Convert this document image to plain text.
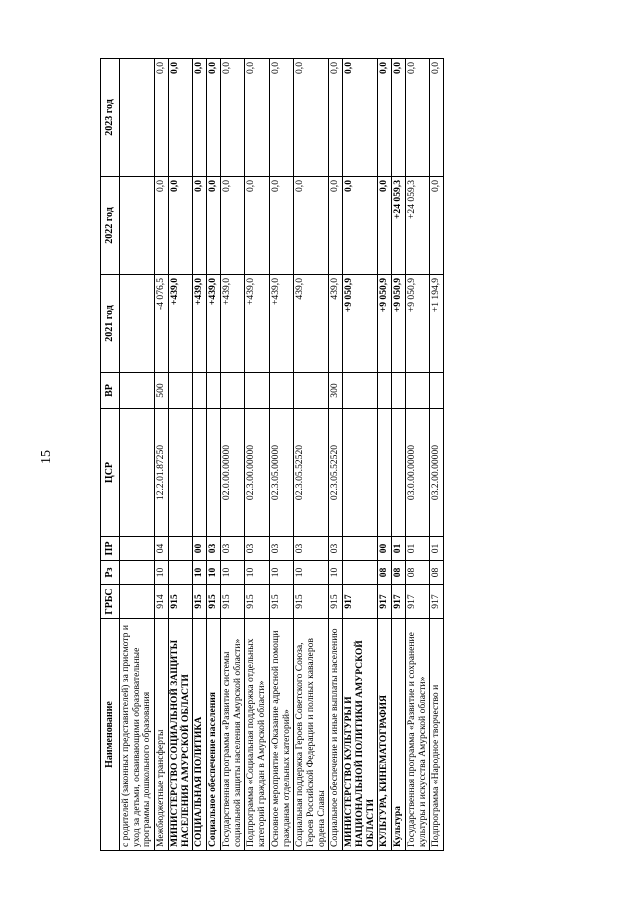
15
Наименование	ГРБС	Рз	ПР	ЦСР	ВР	2021 год	2022 год	2023 год
с родителей (законных представителей) за присмотр и уход за детьми, осваивающими образовательные программы дошкольного образования								
Межбюджетные трансферты	914	10	04	12.2.01.87250	500	-4 076,5	0,0	0,0
МИНИСТЕРСТВО СОЦИАЛЬНОЙ ЗАЩИТЫ НАСЕЛЕНИЯ АМУРСКОЙ ОБЛАСТИ	915					+439,0	0,0	0,0
СОЦИАЛЬНАЯ ПОЛИТИКА	915	10	00			+439,0	0,0	0,0
Социальное обеспечение населения	915	10	03			+439,0	0,0	0,0
Государственная программа «Развитие системы социальной защиты населения Амурской области»	915	10	03	02.0.00.00000		+439,0	0,0	0,0
Подпрограмма «Социальная поддержка отдельных категорий граждан в Амурской области»	915	10	03	02.3.00.00000		+439,0	0,0	0,0
Основное мероприятие «Оказание адресной помощи гражданам отдельных категорий»	915	10	03	02.3.05.00000		+439,0	0,0	0,0
Социальная поддержка Героев Советского Союза, Героев Российской Федерации и полных кавалеров ордена Славы	915	10	03	02.3.05.52520		439,0	0,0	0,0
Социальное обеспечение и иные выплаты населению	915	10	03	02.3.05.52520	300	439,0	0,0	0,0
МИНИСТЕРСТВО КУЛЬТУРЫ И НАЦИОНАЛЬНОЙ ПОЛИТИКИ АМУРСКОЙ ОБЛАСТИ	917					+9 050,9	0,0	0,0
КУЛЬТУРА, КИНЕМАТОГРАФИЯ	917	08	00			+9 050,9	0,0	0,0
Культура	917	08	01			+9 050,9	+24 059,3	0,0
Государственная программа «Развитие и сохранение культуры и искусства Амурской области»	917	08	01	03.0.00.00000		+9 050,9	+24 059,3	0,0
Подпрограмма «Народное творчество и	917	08	01	03.2.00.00000		+1 194,9	0,0	0,0
